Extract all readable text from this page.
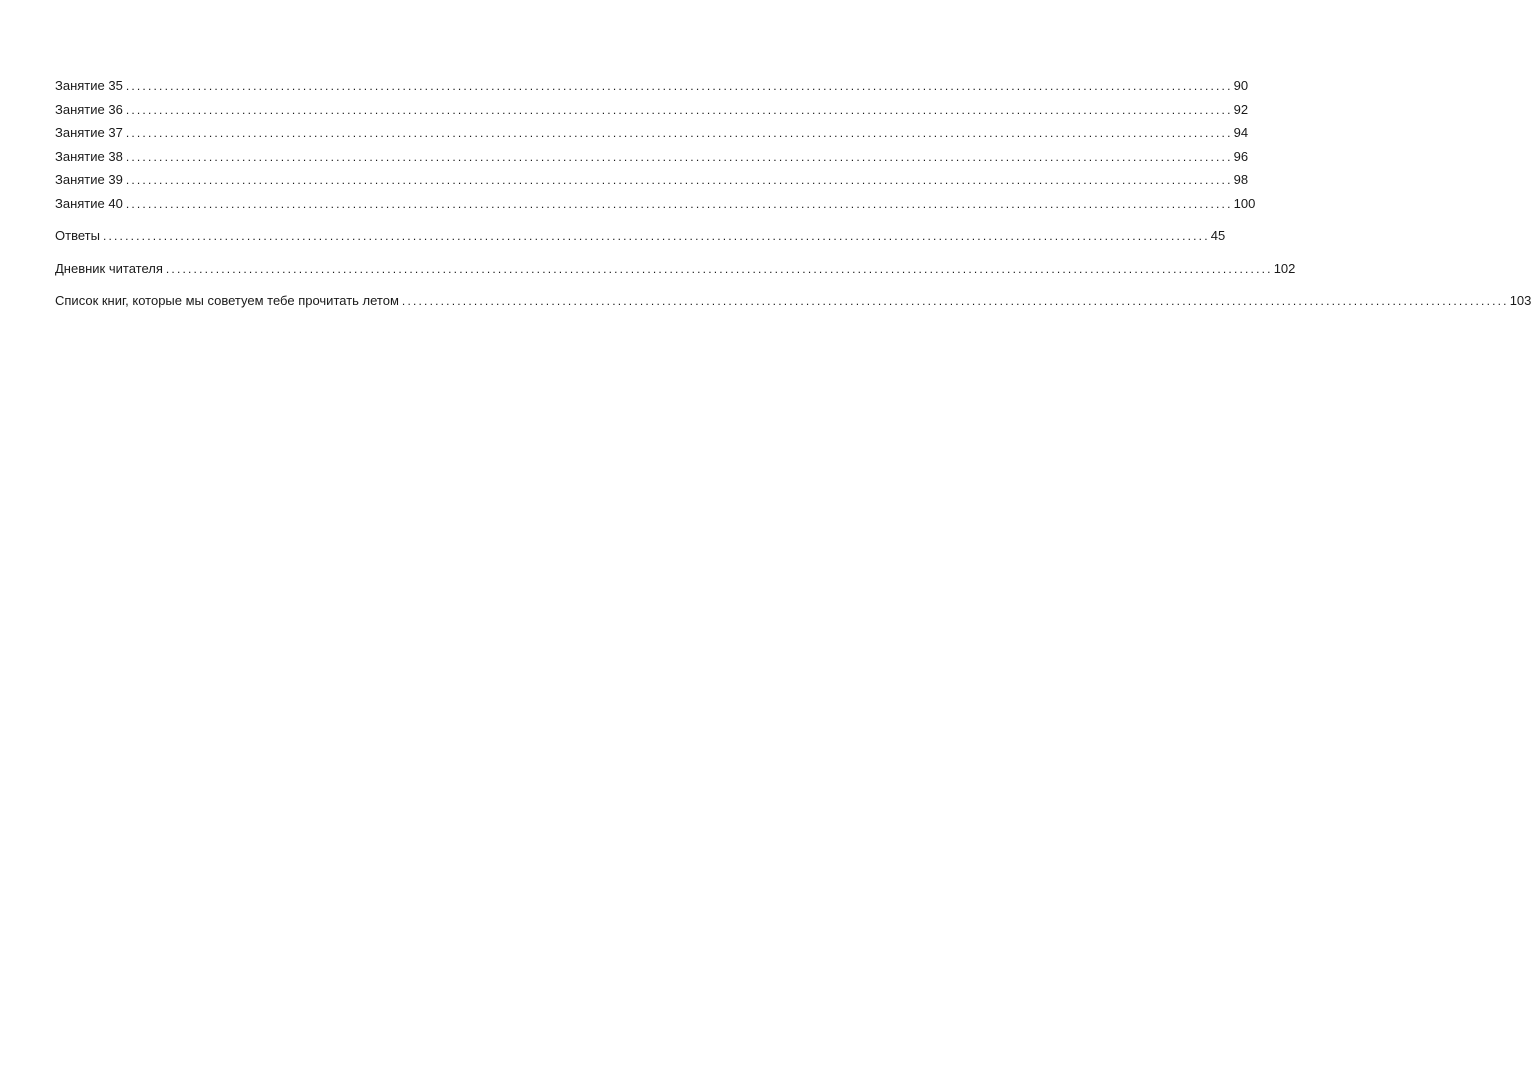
Занятие 35 ........................................................................................................................................................................................................ 90
Занятие 36 ........................................................................................................................................................................................................ 92
Занятие 37 ........................................................................................................................................................................................................ 94
Занятие 38 ........................................................................................................................................................................................................ 96
Занятие 39 ........................................................................................................................................................................................................ 98
Занятие 40 ........................................................................................................................................................................................................ 100
Ответы ........................................................................................................................................................................................................ 45
Дневник читателя ........................................................................................................................................................................................................ 102
Список книг, которые мы советуем тебе прочитать летом ........................................................................................................................................................................................................ 103
